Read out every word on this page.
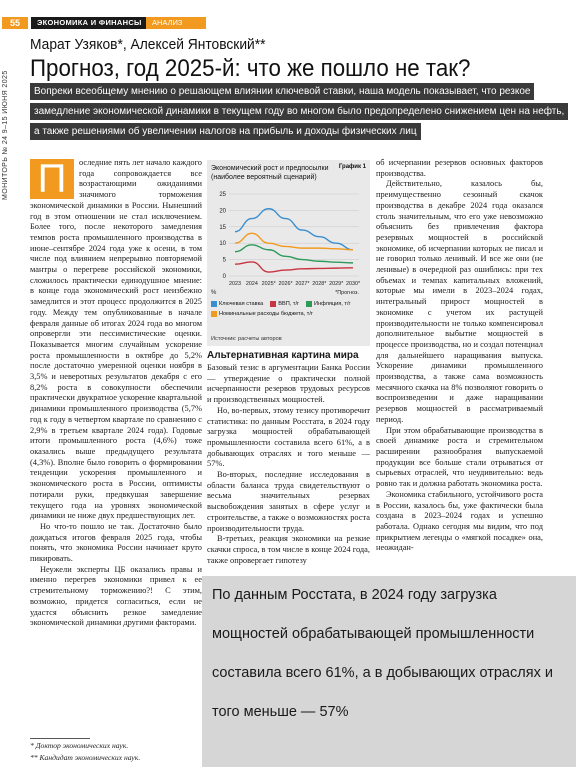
55	ЭКОНОМИКА И ФИНАНСЫ	АНАЛИЗ
МОНИТОРЬ № 24 9–15 ИЮНЯ 2025
Марат Узяков*, Алексей Янтовский**
Прогноз, год 2025-й: что же пошло не так?
Вопреки всеобщему мнению о решающем влиянии ключевой ставки, наша модель показывает, что резкое замедление экономической динамики в текущем году во многом было предопределено снижением цен на нефть, а также решениями об увеличении налогов на прибыль и доходы физических лиц
П	оследние пять лет начало каждого года сопровождается все возрастающими ожиданиями значимого торможения экономической динамики в России. Нынешний год в этом отношении не стал исключением. Более того, после некоторого замедления темпов роста промышленного производства в июне–сентябре 2024 года уже к осени, в том числе под влиянием непрерывно повторяемой мантры о перегреве российской экономики, сложилось практически единодушное мнение: в конце года экономический рост неизбежно замедлится и этот процесс продолжится в 2025 году. Между тем опубликованные в начале февраля данные об итогах 2024 года во многом опровергли эти пессимистические оценки. Показывается многим случайным ускорение роста промышленности в октябре до 5,2% после достаточно умеренной оценки ноября в 3,5% и неверотных результатов декабря с его 8,2% роста в совокупности обеспечили практически двукратное ускорение квартальной динамики промышленного производства (5,7% год к году в четвертом квартале по сравнению с 2,9% в третьем квартале 2024 года). Годовые итоги промышленного роста (4,6%) тоже оказались выше предыдущего результата (4,3%). Вполне было говорить о формировании тенденции ускорения промышленного и экономического роста в России, оптимисты потирали руки, предвкушая завершение текущего года на уровнях экономической динамики не ниже двух предшествующих лет.

Но что-то пошло не так. Достаточно было дождаться итогов февраля 2025 года, чтобы понять, что экономика России начинает круто пикировать.

Неужели эксперты ЦБ оказались правы и именно перегрев экономики привел к ее стремительному торможению?! С этим, возможно, придется согласиться, если не удастся объяснить резкое замедление экономической динамики другими факторами.

Экономический рост и предпосылки (наиболее вероятный сценарий)
График 1
0
5
10
15
20
25
2023 2024 2025* 2026* 2027* 2028* 2029* 2030*
%	*Прогноз.
Ключевая ставка	ВВП, т/г	Инфляция, т/г
Номинальные расходы бюджета, т/г
Источник: расчеты авторов
Альтернативная картина мира

Базовый тезис в аргументации Банка России — утверждение о практически полной исчерпанности резервов трудовых ресурсов и производственных мощностей.

Но, во-первых, этому тезису противоречит статистика: по данным Росстата, в 2024 году загрузка мощностей обрабатывающей промышленности составила всего 61%, а в добывающих отраслях и того меньше — 57%.

Во-вторых, последние исследования в области баланса труда свидетельствуют о весьма значительных резервах высвобождения занятых в сфере услуг и строительстве, а также о возможностях роста производительности труда.

В-третьих, реакция экономики на резкие скачки спроса, в том числе в конце 2024 года, также опровергает гипотезу

об исчерпании резервов основных факторов производства.

Действительно, казалось бы, преимущественно сезонный скачок производства в декабре 2024 года оказался столь значительным, что его уже невозможно объяснить без привлечения фактора резервных мощностей в российской экономике, об исчерпании которых не писал и не говорил только ленивый. И все же они (не ленивые) в очередной раз ошиблись: при тех объемах и темпах капитальных вложений, которые мы имели в 2023–2024 годах, интегральный прирост мощностей в экономике с учетом их растущей производительности не только компенсировал дополнительное выбытие мощностей в процессе производства, но и создал потенциал для дальнейшего наращивания выпуска. Ускорение динамики промышленного производства, а также сама возможность месячного скачка на 8% позволяют говорить о воспроизведении и даже наращивании резервов мощностей в рассматриваемый период.

При этом обрабатывающие производства в своей динамике роста и стремительном расширении разнообразия выпускаемой продукции все больше стали отрываться от сырьевых отраслей, что неудивительно: ведь ровно так и должна работать экономика роста.

Экономика стабильного, устойчивого роста в России, казалось бы, уже фактически была создана в 2023–2024 годах и успешно работала. Однако сегодня мы видим, что под прикрытием легенды о «мягкой посадке» она, неожидан-

По данным Росстата, в 2024 году загрузка мощностей обрабатывающей промышленности составила всего 61%, а в добывающих отраслях и того меньше — 57%
* Доктор экономических наук.
** Кандидат экономических наук.
